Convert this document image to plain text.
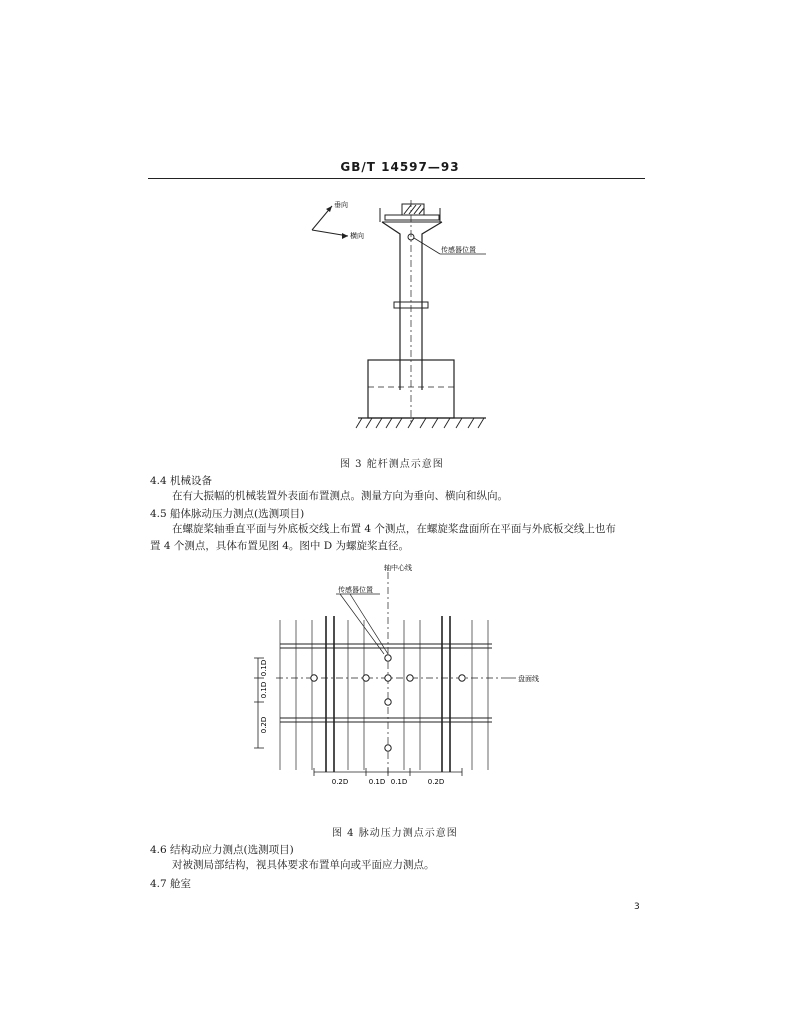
GB/T 14597—93
垂向
横向
传感器位置
图 3 舵杆测点示意图
4.4 机械设备
在有大振幅的机械装置外表面布置测点。测量方向为垂向、横向和纵向。
4.5 船体脉动压力测点(选测项目)
在螺旋桨轴垂直平面与外底板交线上布置 4 个测点，在螺旋桨盘面所在平面与外底板交线上也布
置 4 个测点，具体布置见图 4。图中 D 为螺旋桨直径。
轴中心线
传感器位置
盘面线
0.1D
0.1D
0.2D
0.2D	0.1D 0.1D	0.2D
图 4 脉动压力测点示意图
4.6 结构动应力测点(选测项目)
对被测局部结构，视具体要求布置单向或平面应力测点。
4.7 舱室
3
